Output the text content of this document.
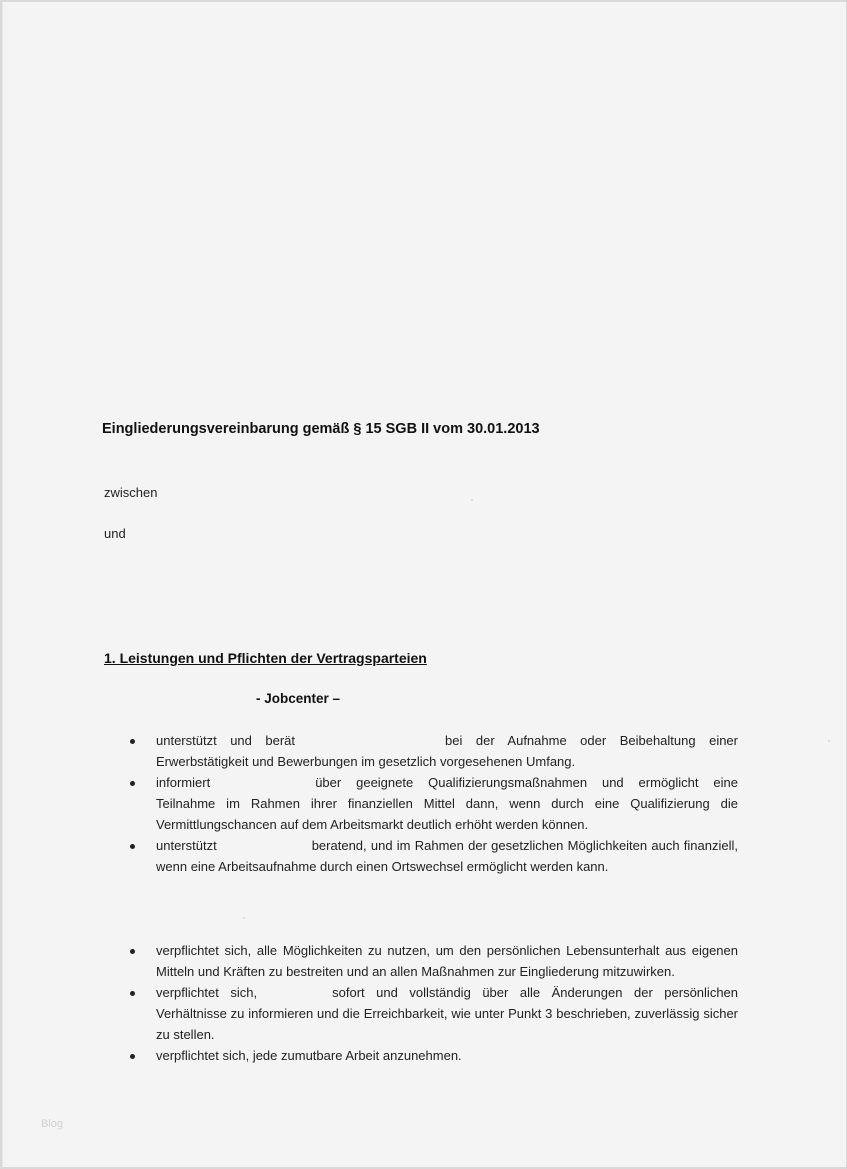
Eingliederungsvereinbarung gemäß § 15 SGB II vom 30.01.2013
zwischen
und
1. Leistungen und Pflichten der Vertragsparteien
- Jobcenter –
unterstützt und berät	bei der Aufnahme oder Beibehaltung einer Erwerbstätigkeit und Bewerbungen im gesetzlich vorgesehenen Umfang.
informiert	über geeignete Qualifizierungsmaßnahmen und ermöglicht eine Teilnahme im Rahmen ihrer finanziellen Mittel dann, wenn durch eine Qualifizierung die Vermittlungschancen auf dem Arbeitsmarkt deutlich erhöht werden können.
unterstützt	beratend, und im Rahmen der gesetzlichen Möglichkeiten auch finanziell, wenn eine Arbeitsaufnahme durch einen Ortswechsel ermöglicht werden kann.
verpflichtet sich, alle Möglichkeiten zu nutzen, um den persönlichen Lebensunterhalt aus eigenen Mitteln und Kräften zu bestreiten und an allen Maßnahmen zur Eingliederung mitzuwirken.
verpflichtet sich,	sofort und vollständig über alle Änderungen der persönlichen Verhältnisse zu informieren und die Erreichbarkeit, wie unter Punkt 3 beschrieben, zuverlässig sicher zu stellen.
verpflichtet sich, jede zumutbare Arbeit anzunehmen.
Blog
